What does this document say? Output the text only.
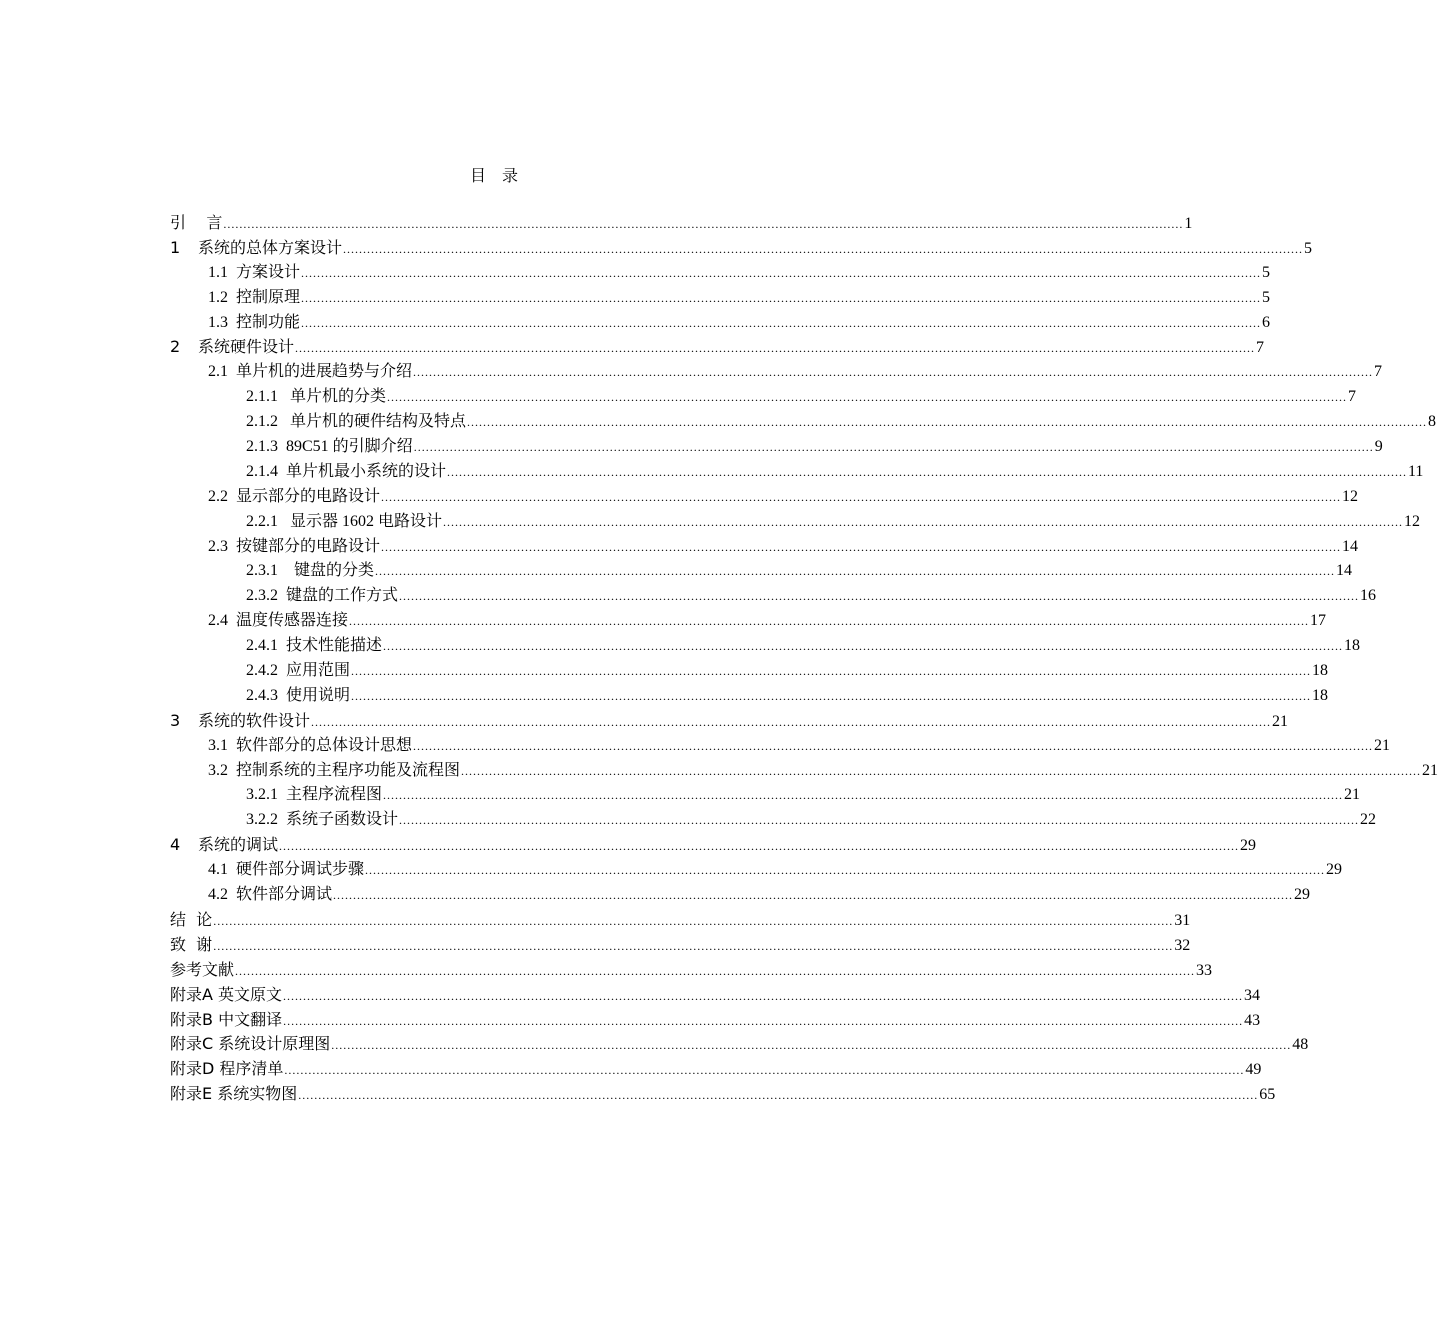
目    录
引    言 ................................................................................................................................................................................................................................................ 1
1	系统的总体方案设计 ................................................................................................................................................................................................................................................ 5
1.1 方案设计 ................................................................................................................................................................................................................................................ 5
1.2 控制原理 ................................................................................................................................................................................................................................................ 5
1.3 控制功能 ................................................................................................................................................................................................................................................ 6
2	系统硬件设计 ................................................................................................................................................................................................................................................ 7
2.1 单片机的进展趋势与介绍 ................................................................................................................................................................................................................................................ 7
2.1.1 单片机的分类 ................................................................................................................................................................................................................................................ 7
2.1.2 单片机的硬件结构及特点 ................................................................................................................................................................................................................................................ 8
2.1.3 89C51 的引脚介绍 ................................................................................................................................................................................................................................................ 9
2.1.4 单片机最小系统的设计 ................................................................................................................................................................................................................................................ 11
2.2 显示部分的电路设计 ................................................................................................................................................................................................................................................ 12
2.2.1 显示器 1602 电路设计 ................................................................................................................................................................................................................................................ 12
2.3 按键部分的电路设计 ................................................................................................................................................................................................................................................ 14
2.3.1 键盘的分类 ................................................................................................................................................................................................................................................ 14
2.3.2 键盘的工作方式 ................................................................................................................................................................................................................................................ 16
2.4 温度传感器连接 ................................................................................................................................................................................................................................................ 17
2.4.1 技术性能描述 ................................................................................................................................................................................................................................................ 18
2.4.2 应用范围 ................................................................................................................................................................................................................................................ 18
2.4.3 使用说明 ................................................................................................................................................................................................................................................ 18
3	系统的软件设计 ................................................................................................................................................................................................................................................ 21
3.1 软件部分的总体设计思想 ................................................................................................................................................................................................................................................ 21
3.2 控制系统的主程序功能及流程图 ................................................................................................................................................................................................................................................ 21
3.2.1 主程序流程图 ................................................................................................................................................................................................................................................ 21
3.2.2 系统子函数设计 ................................................................................................................................................................................................................................................ 22
4	系统的调试 ................................................................................................................................................................................................................................................ 29
4.1 硬件部分调试步骤 ................................................................................................................................................................................................................................................ 29
4.2 软件部分调试 ................................................................................................................................................................................................................................................ 29
结  论 ................................................................................................................................................................................................................................................ 31
致  谢 ................................................................................................................................................................................................................................................ 32
参考文献 ................................................................................................................................................................................................................................................ 33
附录A 英文原文 ................................................................................................................................................................................................................................................ 34
附录B 中文翻译 ................................................................................................................................................................................................................................................ 43
附录C 系统设计原理图 ................................................................................................................................................................................................................................................ 48
附录D 程序清单 ................................................................................................................................................................................................................................................ 49
附录E 系统实物图 ................................................................................................................................................................................................................................................ 65
